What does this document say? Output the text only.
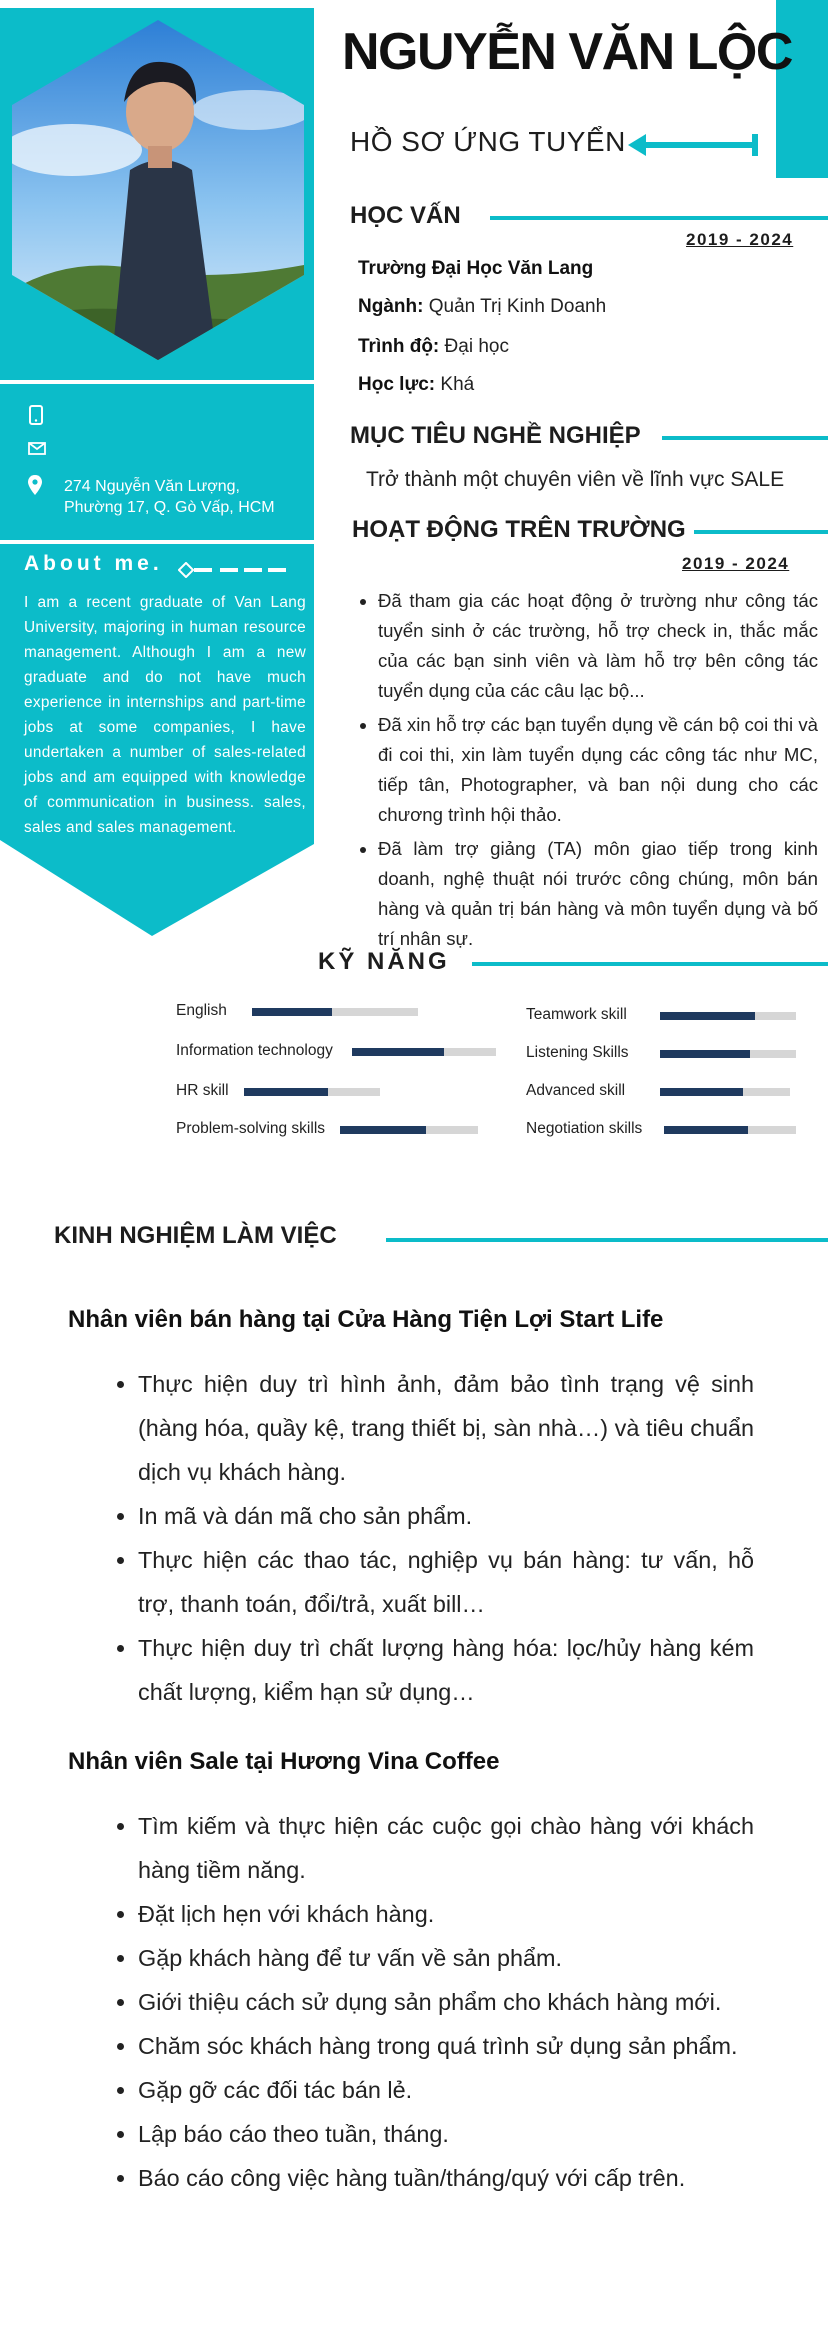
274 Nguyễn Văn Lượng,
Phường 17, Q. Gò Vấp, HCM
About me.

I am a recent graduate of Van Lang University, majoring in human resource management. Although I am a new graduate and do not have much experience in internships and part-time jobs at some companies, I have undertaken a number of sales-related jobs and am equipped with knowledge of communication in business. sales, sales and sales management.

NGUYỄN VĂN LỘC
HỒ SƠ ỨNG TUYỂN
HỌC VẤN
2019 - 2024
Trường Đại Học Văn Lang
Ngành: Quản Trị Kinh Doanh
Trình độ: Đại học
Học lực: Khá
MỤC TIÊU NGHỀ NGHIỆP
Trở thành một chuyên viên về lĩnh vực SALE
HOẠT ĐỘNG TRÊN TRƯỜNG
2019 - 2024
• Đã tham gia các hoạt động ở trường như công tác tuyển sinh ở các trường, hỗ trợ check in, thắc mắc của các bạn sinh viên và làm hỗ trợ bên công tác tuyển dụng của các câu lạc bộ...
• Đã xin hỗ trợ các bạn tuyển dụng về cán bộ coi thi và đi coi thi, xin làm tuyển dụng các công tác như MC, tiếp tân, Photographer, và ban nội dung cho các chương trình hội thảo.
• Đã làm trợ giảng (TA) môn giao tiếp trong kinh doanh, nghệ thuật nói trước công chúng, môn bán hàng và quản trị bán hàng và môn tuyển dụng và bố trí nhân sự.
KỸ NĂNG
English
Information technology
HR skill
Problem-solving skills
Teamwork skill
Listening Skills
Advanced skill
Negotiation skills
KINH NGHIỆM LÀM VIỆC
Nhân viên bán hàng tại Cửa Hàng Tiện Lợi Start Life
• Thực hiện duy trì hình ảnh, đảm bảo tình trạng vệ sinh (hàng hóa, quầy kệ, trang thiết bị, sàn nhà…) và tiêu chuẩn dịch vụ khách hàng.
• In mã và dán mã cho sản phẩm.
• Thực hiện các thao tác, nghiệp vụ bán hàng: tư vấn, hỗ trợ, thanh toán, đổi/trả, xuất bill…
• Thực hiện duy trì chất lượng hàng hóa: lọc/hủy hàng kém chất lượng, kiểm hạn sử dụng…
Nhân viên Sale tại Hương Vina Coffee
• Tìm kiếm và thực hiện các cuộc gọi chào hàng với khách hàng tiềm năng.
• Đặt lịch hẹn với khách hàng.
• Gặp khách hàng để tư vấn về sản phẩm.
• Giới thiệu cách sử dụng sản phẩm cho khách hàng mới.
• Chăm sóc khách hàng trong quá trình sử dụng sản phẩm.
• Gặp gỡ các đối tác bán lẻ.
• Lập báo cáo theo tuần, tháng.
• Báo cáo công việc hàng tuần/tháng/quý với cấp trên.
